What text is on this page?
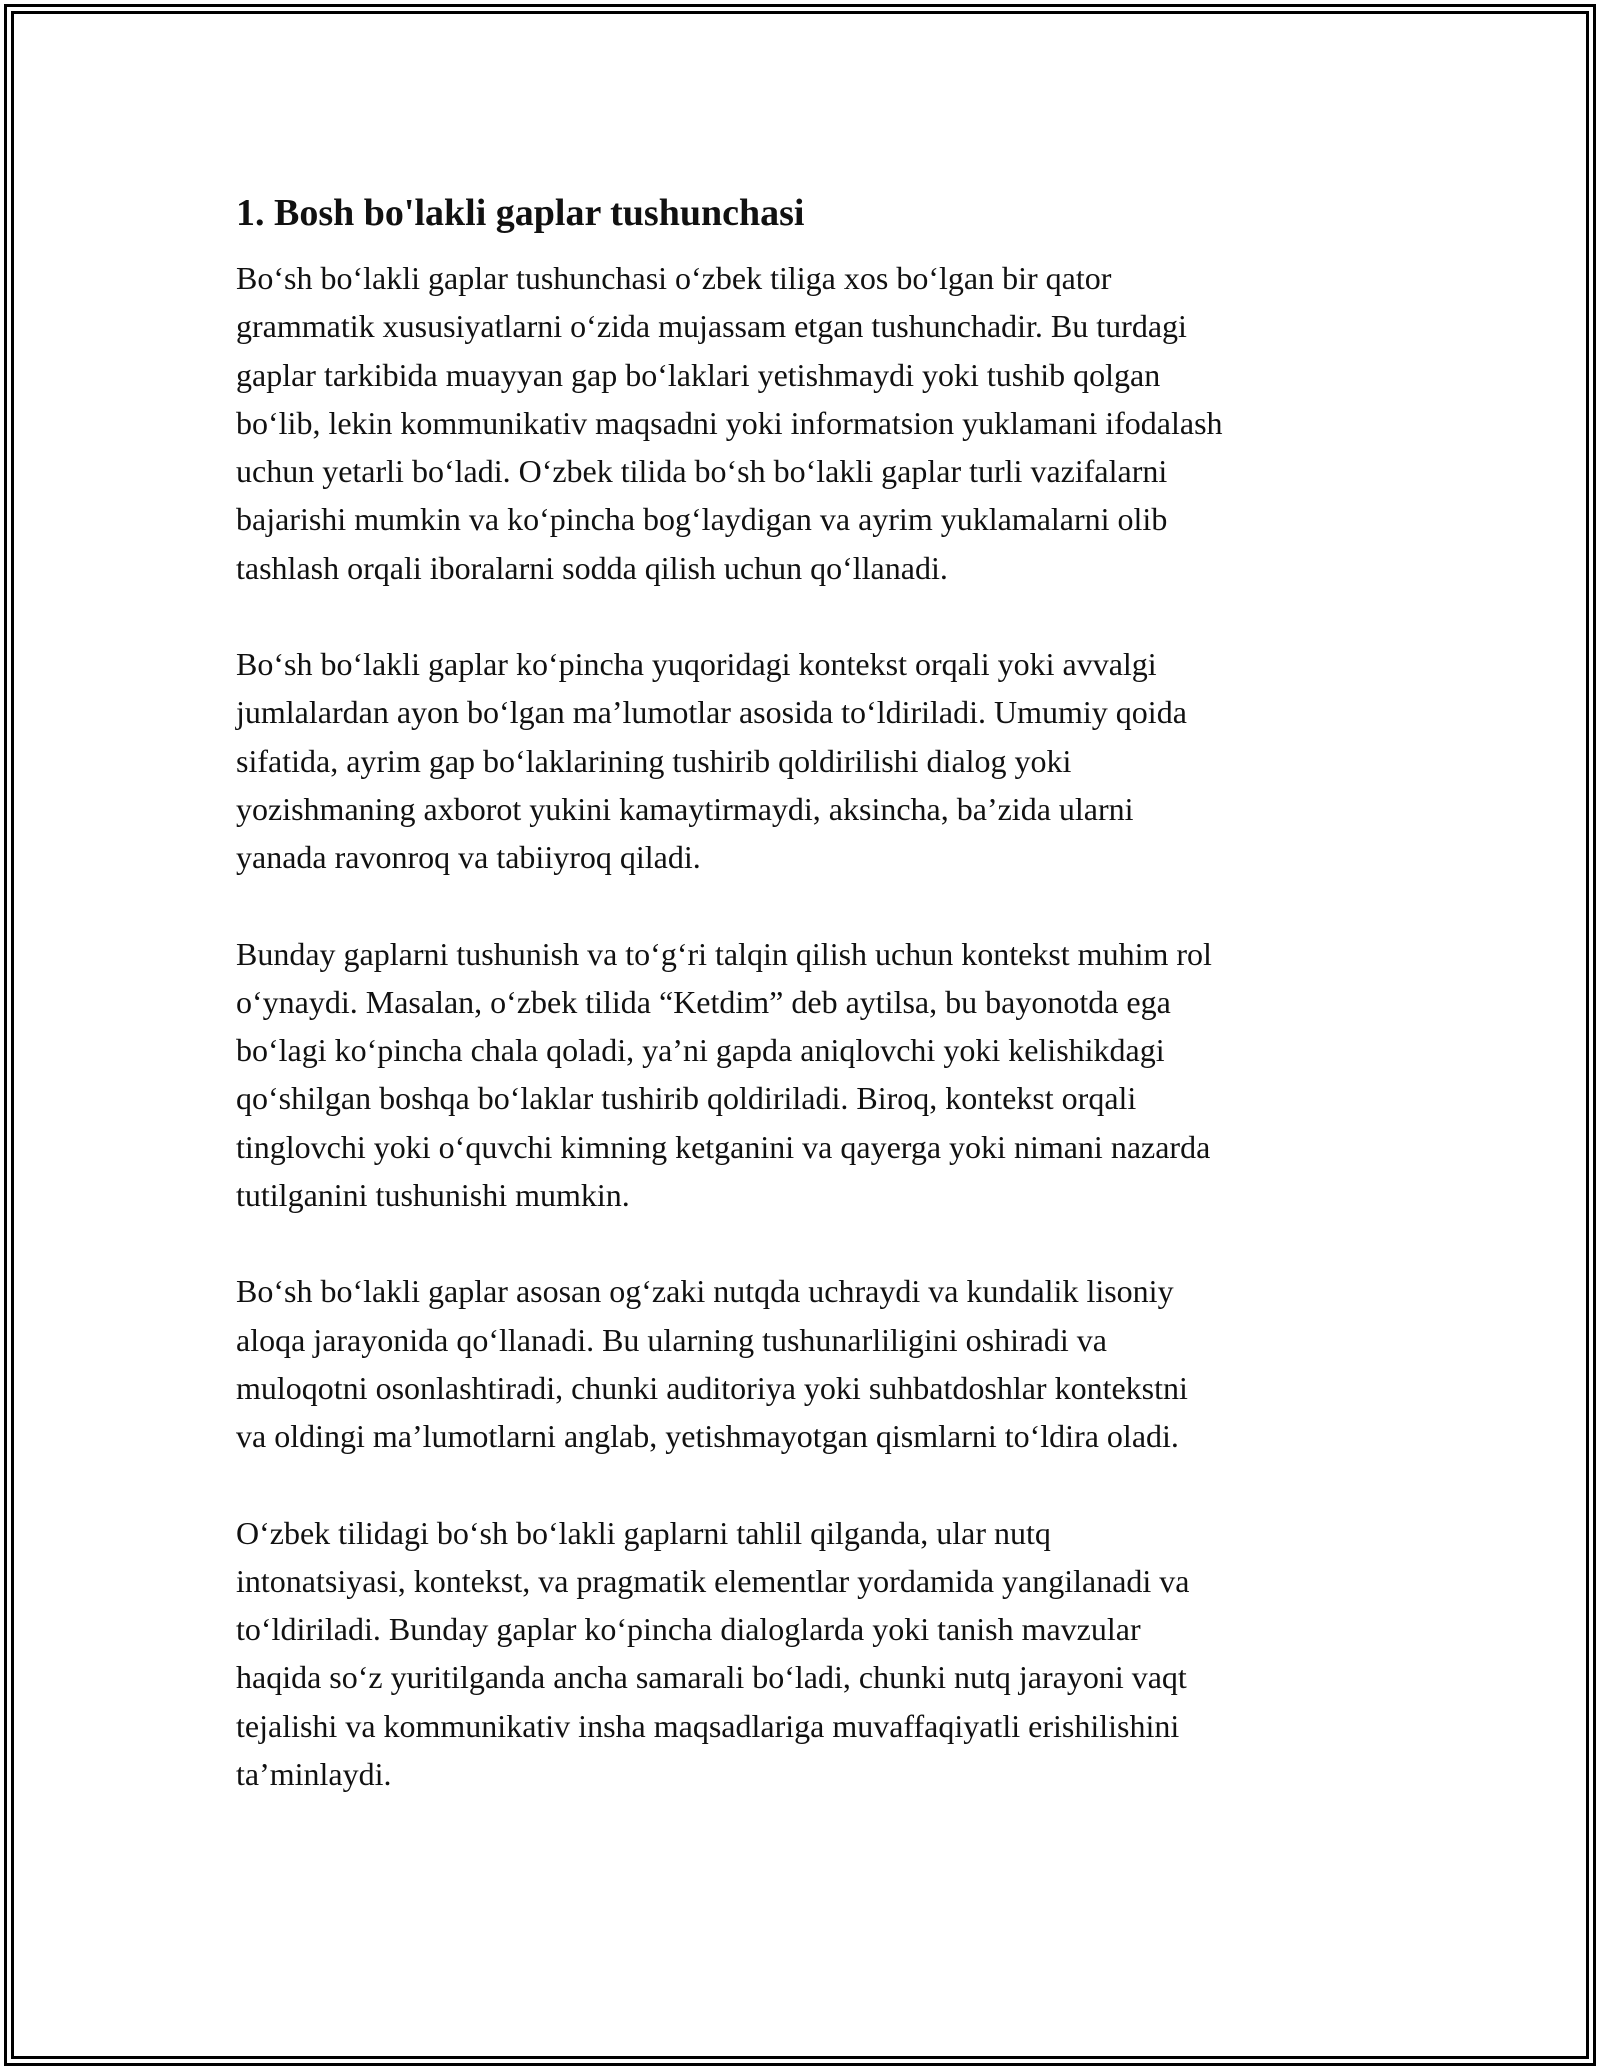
1. Bosh bo'lakli gaplar tushunchasi
Bo‘sh bo‘lakli gaplar tushunchasi o‘zbek tiliga xos bo‘lgan bir qator
grammatik xususiyatlarni o‘zida mujassam etgan tushunchadir. Bu turdagi
gaplar tarkibida muayyan gap bo‘laklari yetishmaydi yoki tushib qolgan
bo‘lib, lekin kommunikativ maqsadni yoki informatsion yuklamani ifodalash
uchun yetarli bo‘ladi. O‘zbek tilida bo‘sh bo‘lakli gaplar turli vazifalarni
bajarishi mumkin va ko‘pincha bog‘laydigan va ayrim yuklamalarni olib
tashlash orqali iboralarni sodda qilish uchun qo‘llanadi.
Bo‘sh bo‘lakli gaplar ko‘pincha yuqoridagi kontekst orqali yoki avvalgi
jumlalardan ayon bo‘lgan ma’lumotlar asosida to‘ldiriladi. Umumiy qoida
sifatida, ayrim gap bo‘laklarining tushirib qoldirilishi dialog yoki
yozishmaning axborot yukini kamaytirmaydi, aksincha, ba’zida ularni
yanada ravonroq va tabiiyroq qiladi.
Bunday gaplarni tushunish va to‘g‘ri talqin qilish uchun kontekst muhim rol
o‘ynaydi. Masalan, o‘zbek tilida “Ketdim” deb aytilsa, bu bayonotda ega
bo‘lagi ko‘pincha chala qoladi, ya’ni gapda aniqlovchi yoki kelishikdagi
qo‘shilgan boshqa bo‘laklar tushirib qoldiriladi. Biroq, kontekst orqali
tinglovchi yoki o‘quvchi kimning ketganini va qayerga yoki nimani nazarda
tutilganini tushunishi mumkin.
Bo‘sh bo‘lakli gaplar asosan og‘zaki nutqda uchraydi va kundalik lisoniy
aloqa jarayonida qo‘llanadi. Bu ularning tushunarliligini oshiradi va
muloqotni osonlashtiradi, chunki auditoriya yoki suhbatdoshlar kontekstni
va oldingi ma’lumotlarni anglab, yetishmayotgan qismlarni to‘ldira oladi.
O‘zbek tilidagi bo‘sh bo‘lakli gaplarni tahlil qilganda, ular nutq
intonatsiyasi, kontekst, va pragmatik elementlar yordamida yangilanadi va
to‘ldiriladi. Bunday gaplar ko‘pincha dialoglarda yoki tanish mavzular
haqida so‘z yuritilganda ancha samarali bo‘ladi, chunki nutq jarayoni vaqt
tejalishi va kommunikativ insha maqsadlariga muvaffaqiyatli erishilishini
ta’minlaydi.
